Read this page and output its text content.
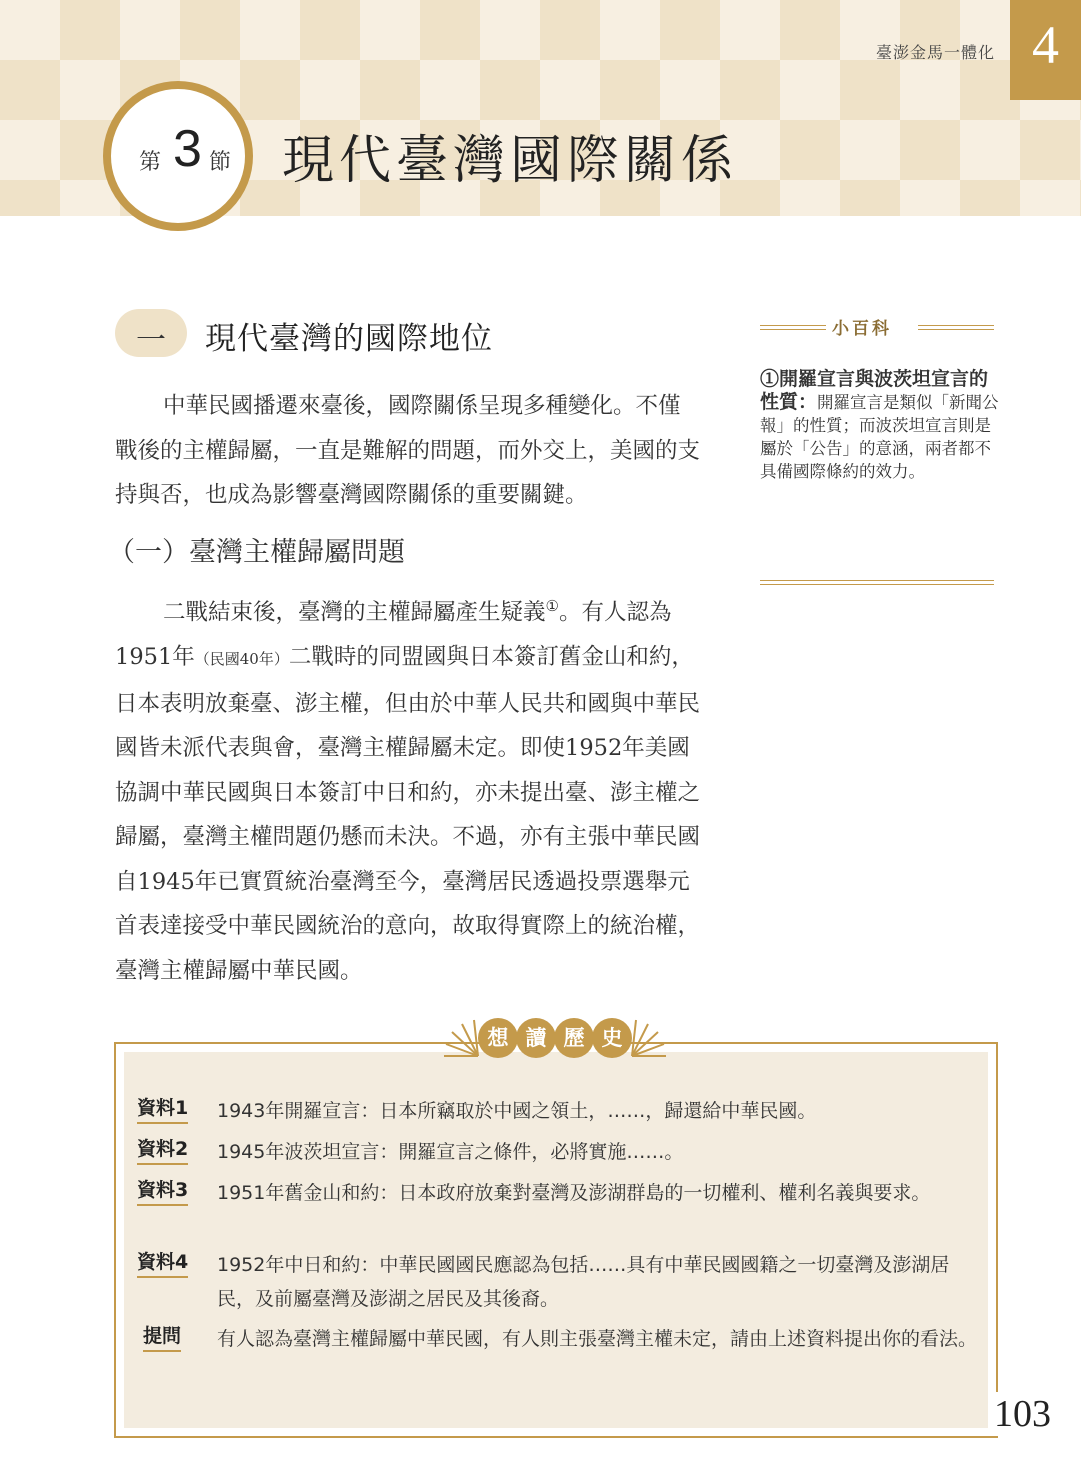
臺澎金馬一體化 4
第 3 節 現代臺灣國際關係
一	現代臺灣的國際地位

中華民國播遷來臺後，國際關係呈現多種變化。不僅戰後的主權歸屬，一直是難解的問題，而外交上，美國的支持與否，也成為影響臺灣國際關係的重要關鍵。

（一）臺灣主權歸屬問題

二戰結束後，臺灣的主權歸屬產生疑義①。有人認為1951年（民國40年）二戰時的同盟國與日本簽訂舊金山和約，日本表明放棄臺、澎主權，但由於中華人民共和國與中華民國皆未派代表與會，臺灣主權歸屬未定。即使1952年美國協調中華民國與日本簽訂中日和約，亦未提出臺、澎主權之歸屬，臺灣主權問題仍懸而未決。不過，亦有主張中華民國自1945年已實質統治臺灣至今，臺灣居民透過投票選舉元首表達接受中華民國統治的意向，故取得實際上的統治權，臺灣主權歸屬中華民國。

小百科
①開羅宣言與波茨坦宣言的性質：開羅宣言是類似「新聞公報」的性質；而波茨坦宣言則是屬於「公告」的意涵，兩者都不具備國際條約的效力。
想 讀 歷 史
資料1 1943年開羅宣言：日本所竊取於中國之領土，……，歸還給中華民國。
資料2 1945年波茨坦宣言：開羅宣言之條件，必將實施……。
資料3 1951年舊金山和約：日本政府放棄對臺灣及澎湖群島的一切權利、權利名義與要求。
資料4 1952年中日和約：中華民國國民應認為包括……具有中華民國國籍之一切臺灣及澎湖居民，及前屬臺灣及澎湖之居民及其後裔。
提問 有人認為臺灣主權歸屬中華民國，有人則主張臺灣主權未定，請由上述資料提出你的看法。
103
